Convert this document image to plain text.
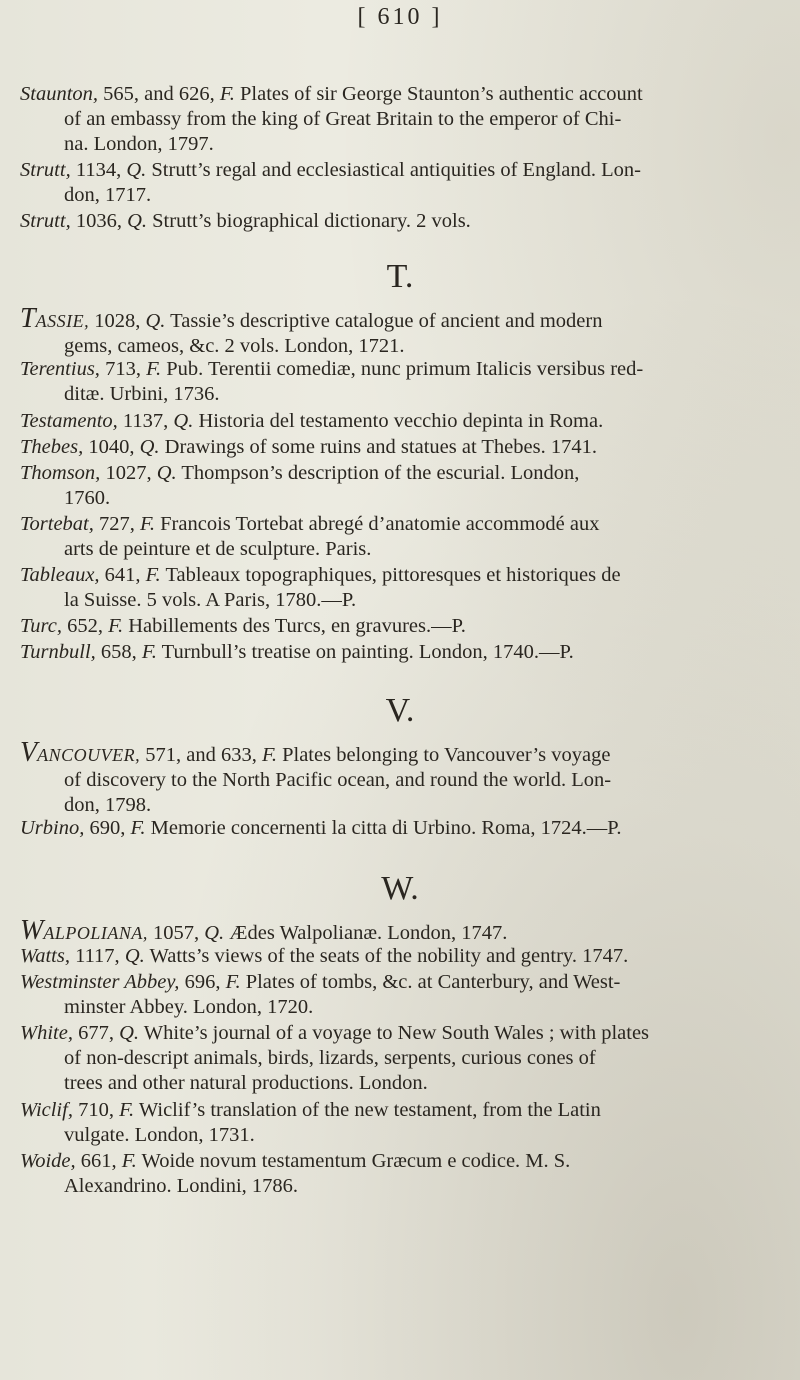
[ 610 ]
Staunton, 565, and 626, F. Plates of sir George Staunton’s authentic account
of an embassy from the king of Great Britain to the emperor of Chi-
na. London, 1797.
Strutt, 1134, Q. Strutt’s regal and ecclesiastical antiquities of England. Lon-
don, 1717.
Strutt, 1036, Q. Strutt’s biographical dictionary. 2 vols.
T.
TASSIE, 1028, Q. Tassie’s descriptive catalogue of ancient and modern
gems, cameos, &c. 2 vols. London, 1721.
Terentius, 713, F. Pub. Terentii comediæ, nunc primum Italicis versibus red-
ditæ. Urbini, 1736.
Testamento, 1137, Q. Historia del testamento vecchio depinta in Roma.
Thebes, 1040, Q. Drawings of some ruins and statues at Thebes. 1741.
Thomson, 1027, Q. Thompson’s description of the escurial. London,
1760.
Tortebat, 727, F. Francois Tortebat abregé d’anatomie accommodé aux
arts de peinture et de sculpture. Paris.
Tableaux, 641, F. Tableaux topographiques, pittoresques et historiques de
la Suisse. 5 vols. A Paris, 1780.—P.
Turc, 652, F. Habillements des Turcs, en gravures.—P.
Turnbull, 658, F. Turnbull’s treatise on painting. London, 1740.—P.
V.
VANCOUVER, 571, and 633, F. Plates belonging to Vancouver’s voyage
of discovery to the North Pacific ocean, and round the world. Lon-
don, 1798.
Urbino, 690, F. Memorie concernenti la citta di Urbino. Roma, 1724.—P.
W.
WALPOLIANA, 1057, Q. Ædes Walpolianæ. London, 1747.
Watts, 1117, Q. Watts’s views of the seats of the nobility and gentry. 1747.
Westminster Abbey, 696, F. Plates of tombs, &c. at Canterbury, and West-
minster Abbey. London, 1720.
White, 677, Q. White’s journal of a voyage to New South Wales ; with plates
of non-descript animals, birds, lizards, serpents, curious cones of
trees and other natural productions. London.
Wiclif, 710, F. Wiclif’s translation of the new testament, from the Latin
vulgate. London, 1731.
Woide, 661, F. Woide novum testamentum Græcum e codice. M. S.
Alexandrino. Londini, 1786.
